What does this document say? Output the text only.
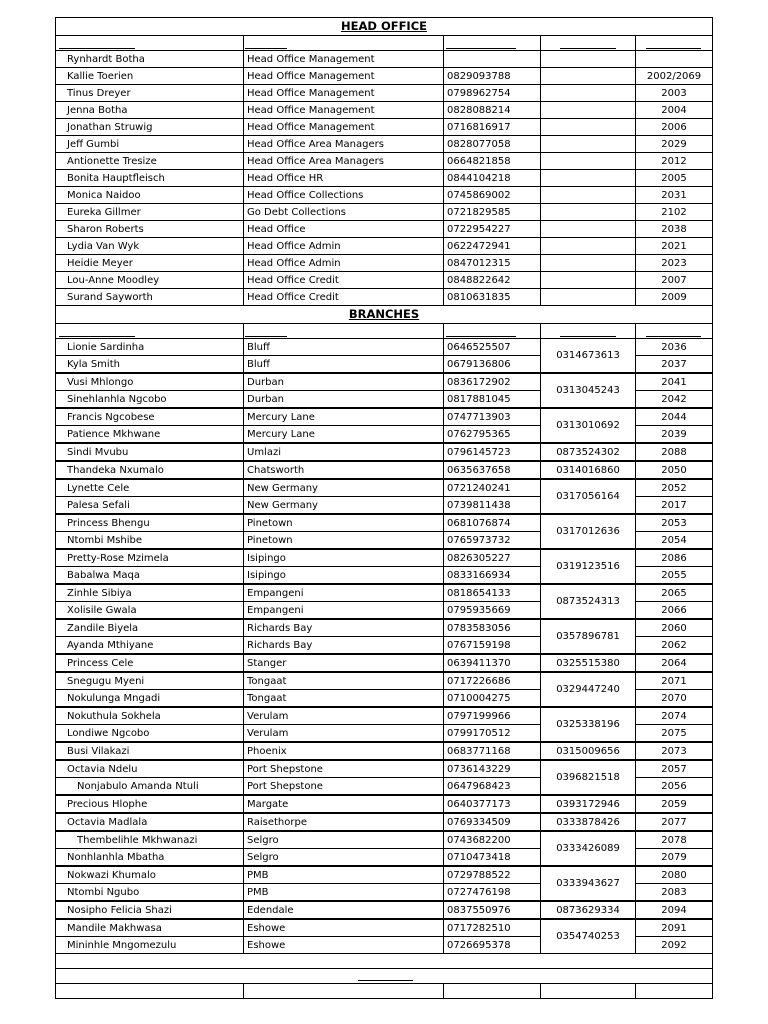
HEAD OFFICE				

Rynhardt Botha	Head Office Management			
Kallie Toerien	Head Office Management	0829093788		2002/2069
Tinus Dreyer	Head Office Management	0798962754		2003
Jenna Botha	Head Office Management	0828088214		2004
Jonathan Struwig	Head Office Management	0716816917		2006
Jeff Gumbi	Head Office Area Managers	0828077058		2029
Antionette Tresize	Head Office Area Managers	0664821858		2012
Bonita Hauptfleisch	Head Office HR	0844104218		2005
Monica Naidoo	Head Office Collections	0745869002		2031
Eureka Gillmer	Go Debt Collections	0721829585		2102
Sharon Roberts	Head Office	0722954227		2038
Lydia Van Wyk	Head Office Admin	0622472941		2021
Heidie Meyer	Head Office Admin	0847012315		2023
Lou-Anne Moodley	Head Office Credit	0848822642		2007
Surand Sayworth	Head Office Credit	0810631835		2009
BRANCHES				

Lionie Sardinha	Bluff	0646525507	0314673613	2036
Kyla Smith	Bluff	0679136806		2037
Vusi Mhlongo	Durban	0836172902	0313045243	2041
Sinehlanhla Ngcobo	Durban	0817881045		2042
Francis Ngcobese	Mercury Lane	0747713903	0313010692	2044
Patience Mkhwane	Mercury Lane	0762795365		2039
Sindi Mvubu	Umlazi	0796145723	0873524302	2088
Thandeka Nxumalo	Chatsworth	0635637658	0314016860	2050
Lynette Cele	New Germany	0721240241	0317056164	2052
Palesa Sefali	New Germany	0739811438		2017
Princess Bhengu	Pinetown	0681076874	0317012636	2053
Ntombi Mshibe	Pinetown	0765973732		2054
Pretty-Rose Mzimela	Isipingo	0826305227	0319123516	2086
Babalwa Maqa	Isipingo	0833166934		2055
Zinhle Sibiya	Empangeni	0818654133	0873524313	2065
Xolisile Gwala	Empangeni	0795935669		2066
Zandile Biyela	Richards Bay	0783583056	0357896781	2060
Ayanda Mthiyane	Richards Bay	0767159198		2062
Princess Cele	Stanger	0639411370	0325515380	2064
Snegugu Myeni	Tongaat	0717226686	0329447240	2071
Nokulunga Mngadi	Tongaat	0710004275		2070
Nokuthula Sokhela	Verulam	0797199966	0325338196	2074
Londiwe Ngcobo	Verulam	0799170512		2075
Busi Vilakazi	Phoenix	0683771168	0315009656	2073
Octavia Ndelu	Port Shepstone	0736143229	0396821518	2057
Nonjabulo Amanda Ntuli	Port Shepstone	0647968423		2056
Precious Hlophe	Margate	0640377173	0393172946	2059
Octavia Madlala	Raisethorpe	0769334509	0333878426	2077
Thembelihle Mkhwanazi	Selgro	0743682200	0333426089	2078
Nonhlanhla Mbatha	Selgro	0710473418		2079
Nokwazi Khumalo	PMB	0729788522	0333943627	2080
Ntombi Ngubo	PMB	0727476198		2083
Nosipho Felicia Shazi	Edendale	0837550976	0873629334	2094
Mandile Makhwasa	Eshowe	0717282510	0354740253	2091
Mininhle Mngomezulu	Eshowe	0726695378		2092
